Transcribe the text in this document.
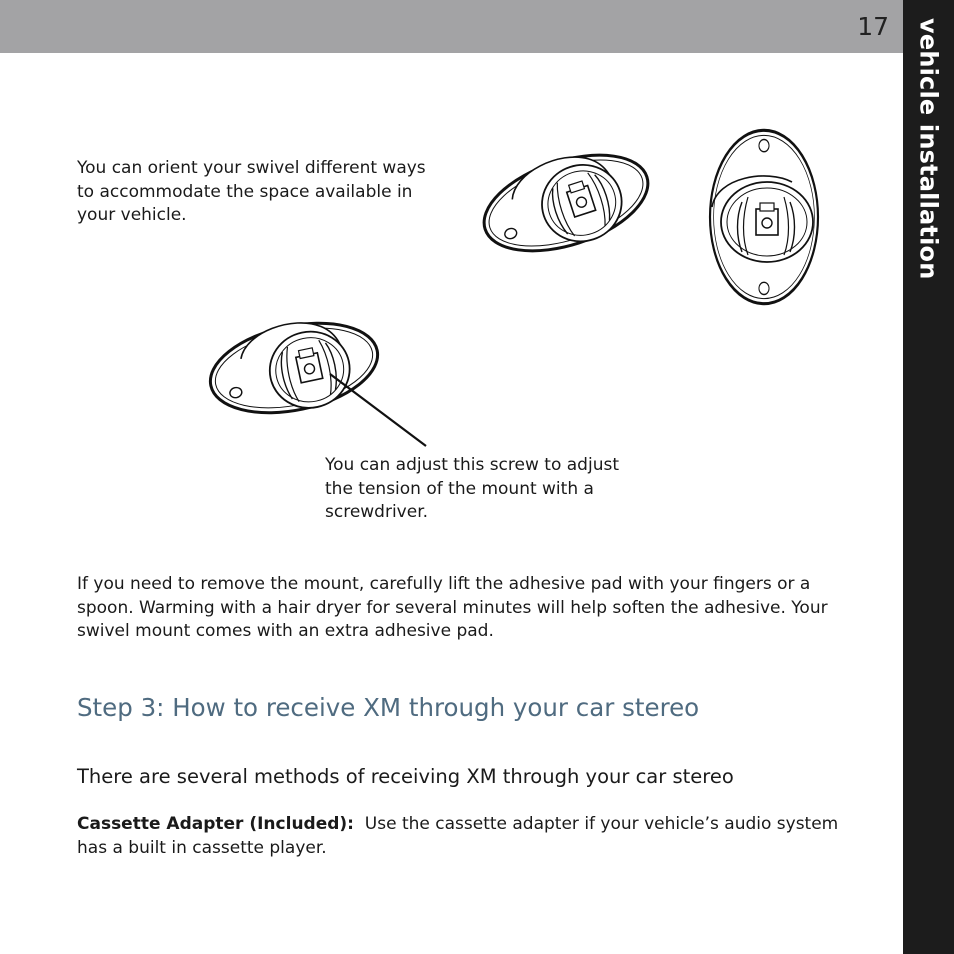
17 vehicle installation

You can orient your swivel different ways to accommodate the space available in your vehicle.

You can adjust this screw to adjust the tension of the mount with a screwdriver.

If you need to remove the mount, carefully lift the adhesive pad with your fingers or a spoon. Warming with a hair dryer for several minutes will help soften the adhesive. Your swivel mount comes with an extra adhesive pad.

Step 3: How to receive XM through your car stereo
There are several methods of receiving XM through your car stereo

Cassette Adapter (Included):  Use the cassette adapter if your vehicle’s audio system has a built in cassette player.
